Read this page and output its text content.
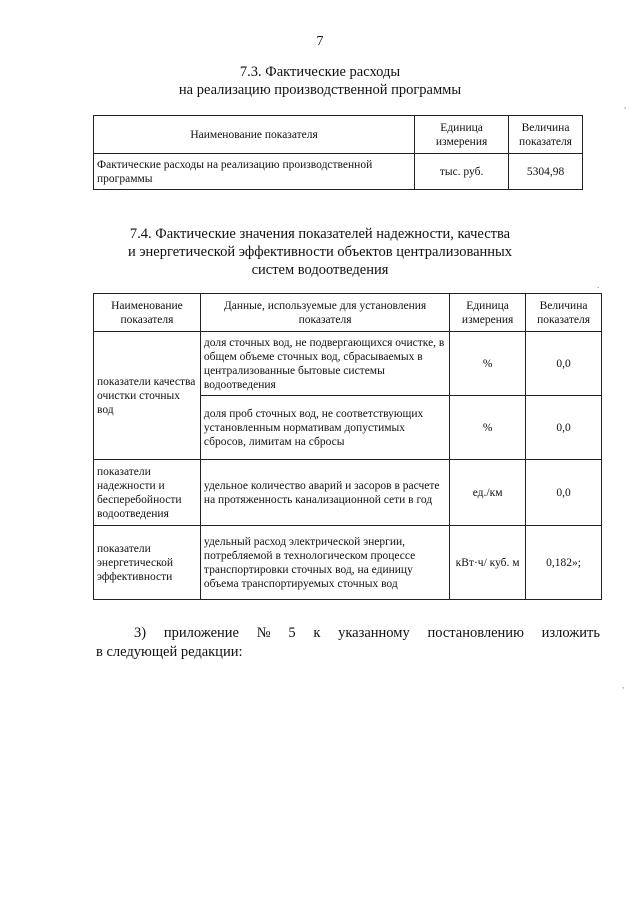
7
7.3. Фактические расходы
на реализацию производственной программы
Наименование показателя	Единица измерения	Величина показателя
Фактические расходы на реализацию производственной программы	тыс. руб.	5304,98
7.4. Фактические значения показателей надежности, качества
и энергетической эффективности объектов централизованных
систем водоотведения
Наименование показателя	Данные, используемые для установления показателя	Единица измерения	Величина показателя
показатели качества очистки сточных вод	доля сточных вод, не подвергающихся очистке, в общем объеме сточных вод, сбрасываемых в централизованные бытовые системы водоотведения	%	0,0
	доля проб сточных вод, не соответствующих установленным нормативам допустимых сбросов, лимитам на сбросы	%	0,0
показатели надежности и бесперебойности водоотведения	удельное количество аварий и засоров в расчете на протяженность канализационной сети в год	ед./км	0,0
показатели энергетической эффективности	удельный расход электрической энергии, потребляемой в технологическом процессе транспортировки сточных вод, на единицу объема транспортируемых сточных вод	кВт·ч/ куб. м	0,182»;
3) приложение № 5 к указанному постановлению изложить
в следующей редакции:
,
.
,
